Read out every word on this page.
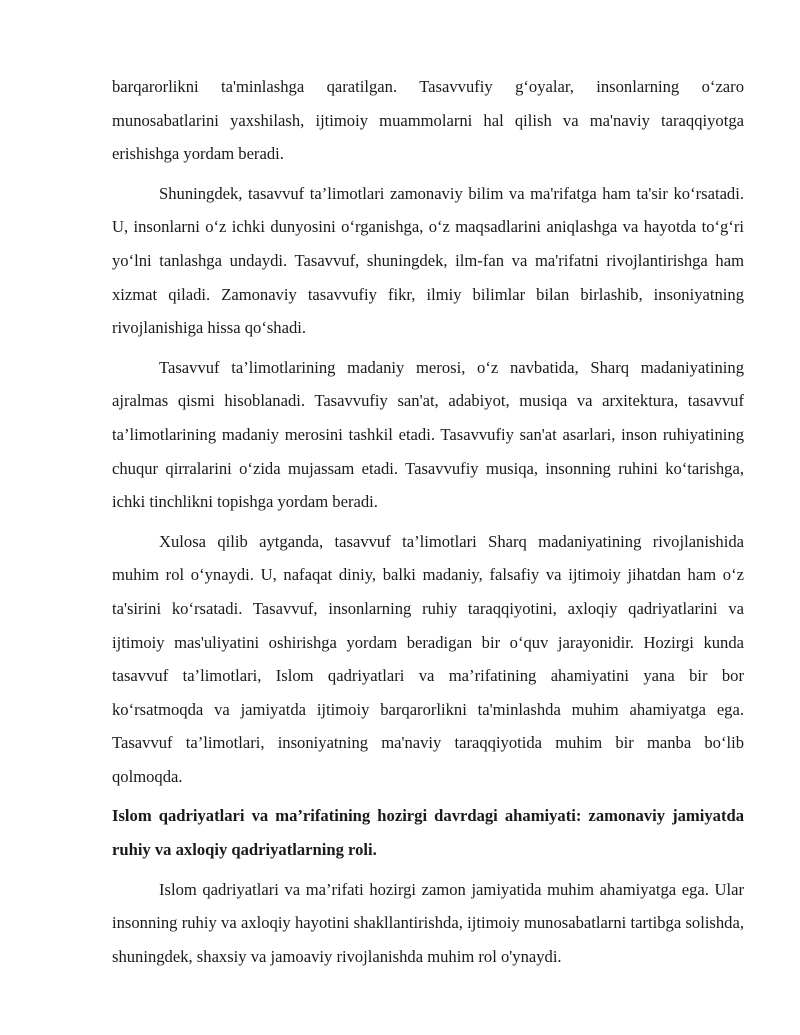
barqarorlikni ta'minlashga qaratilgan. Tasavvufiy g‘oyalar, insonlarning o‘zaro munosabatlarini yaxshilash, ijtimoiy muammolarni hal qilish va ma'naviy taraqqiyotga erishishga yordam beradi.

Shuningdek, tasavvuf ta’limotlari zamonaviy bilim va ma'rifatga ham ta'sir ko‘rsatadi. U, insonlarni o‘z ichki dunyosini o‘rganishga, o‘z maqsadlarini aniqlashga va hayotda to‘g‘ri yo‘lni tanlashga undaydi. Tasavvuf, shuningdek, ilm-fan va ma'rifatni rivojlantirishga ham xizmat qiladi. Zamonaviy tasavvufiy fikr, ilmiy bilimlar bilan birlashib, insoniyatning rivojlanishiga hissa qo‘shadi.

Tasavvuf ta’limotlarining madaniy merosi, o‘z navbatida, Sharq madaniyatining ajralmas qismi hisoblanadi. Tasavvufiy san'at, adabiyot, musiqa va arxitektura, tasavvuf ta’limotlarining madaniy merosini tashkil etadi. Tasavvufiy san'at asarlari, inson ruhiyatining chuqur qirralarini o‘zida mujassam etadi. Tasavvufiy musiqa, insonning ruhini ko‘tarishga, ichki tinchlikni topishga yordam beradi.

Xulosa qilib aytganda, tasavvuf ta’limotlari Sharq madaniyatining rivojlanishida muhim rol o‘ynaydi. U, nafaqat diniy, balki madaniy, falsafiy va ijtimoiy jihatdan ham o‘z ta'sirini ko‘rsatadi. Tasavvuf, insonlarning ruhiy taraqqiyotini, axloqiy qadriyatlarini va ijtimoiy mas'uliyatini oshirishga yordam beradigan bir o‘quv jarayonidir. Hozirgi kunda tasavvuf ta’limotlari, Islom qadriyatlari va ma’rifatining ahamiyatini yana bir bor ko‘rsatmoqda va jamiyatda ijtimoiy barqarorlikni ta'minlashda muhim ahamiyatga ega. Tasavvuf ta’limotlari, insoniyatning ma'naviy taraqqiyotida muhim bir manba bo‘lib qolmoqda.

Islom qadriyatlari va ma’rifatining hozirgi davrdagi ahamiyati: zamonaviy jamiyatda ruhiy va axloqiy qadriyatlarning roli.

Islom qadriyatlari va ma’rifati hozirgi zamon jamiyatida muhim ahamiyatga ega. Ular insonning ruhiy va axloqiy hayotini shakllantirishda, ijtimoiy munosabatlarni tartibga solishda, shuningdek, shaxsiy va jamoaviy rivojlanishda muhim rol o'ynaydi.
